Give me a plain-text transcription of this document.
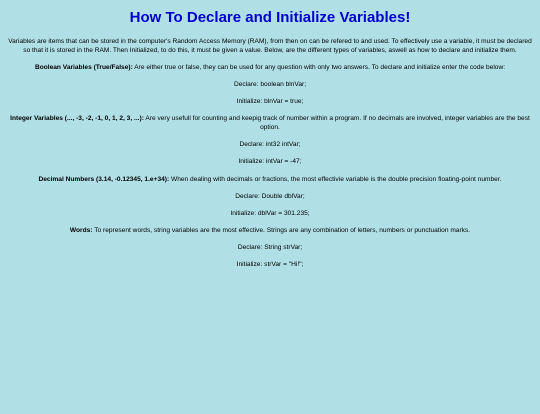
How To Declare and Initialize Variables!

Variables are items that can be stored in the computer's Random Access Memory (RAM), from then on can be refered to and used. To effectively use a variable, it must be declared so that it is stored in the RAM. Then Initialized, to do this, it must be given a value. Below, are the different types of variables, aswell as how to declare and initialize them.

Boolean Variables (True/False): Are either true or false, they can be used for any question with only two answers. To declare and initialize enter the code below:

Declare: boolean blnVar;

Initialize: blnVar = true;

Integer Variables (..., -3, -2, -1, 0, 1, 2, 3, ...): Are very usefull for counting and keepig track of number within a program. If no decimals are involved, integer variables are the best option.

Declare: int32 intVar;

Initialize: intVar = -47;

Decimal Numbers (3.14, -0.12345, 1.e+34): When dealing with decimals or fractions, the most effectivie variable is the double precision floating-point number.

Declare: Double dblVar;

Initialize: dblVar = 301.235;

Words: To represent words, string variables are the most effective. Strings are any combination of letters, numbers or punctuation marks.

Declare: String strVar;

Initialize: strVar = "Hi!";
